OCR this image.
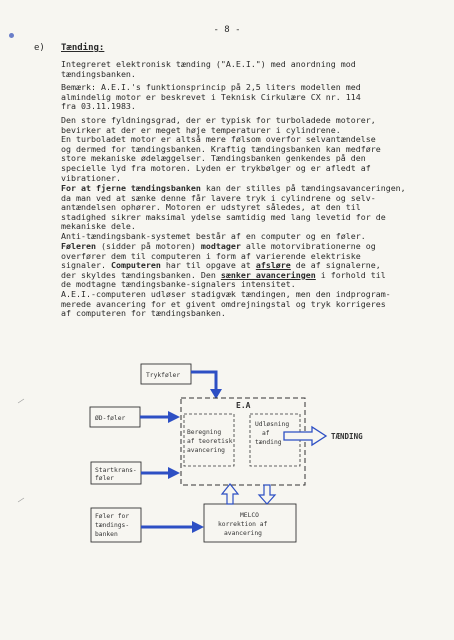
- 8 -
e) Tænding:
Integreret elektronisk tænding ("A.E.I.") med anordning mod
tændingsbanken.
Bemærk: A.E.I.'s funktionsprincip på 2,5 liters modellen med
almindelig motor er beskrevet i Teknisk Cirkulære CX nr. 114
fra 03.11.1983.
Den store fyldningsgrad, der er typisk for turboladede motorer,
bevirker at der er meget høje temperaturer i cylindrene.
En turboladet motor er altså mere følsom overfor selvantændelse
og dermed for tændingsbanken. Kraftig tændingsbanken kan medføre
store mekaniske ødelæggelser. Tændingsbanken genkendes på den
specielle lyd fra motoren. Lyden er trykbølger og er afledt af
vibrationer.
For at fjerne tændingsbanken kan der stilles på tændingsavanceringen,
da man ved at sænke denne får lavere tryk i cylindrene og selv-
antændelsen ophører. Motoren er udstyret således, at den til
stadighed sikrer maksimal ydelse samtidig med lang levetid for de
mekaniske dele.
Anti-tændingsbank-systemet består af en computer og en føler.
Føleren (sidder på motoren) modtager alle motorvibrationerne og
overfører dem til computeren i form af varierende elektriske
signaler. Computeren har til opgave at afsløre de af signalerne,
der skyldes tændingsbanken. Den sænker avanceringen i forhold til
de modtagne tændingsbanke-signalers intensitet.
A.E.I.-computeren udløser stadigvæk tændingen, men den indprogram-
merede avancering for et givent omdrejningstal og tryk korrigeres
af computeren for tændingsbanken.
Trykføler
ØD-føler
Startkrans-
føler
E.A
Beregning
af teoretisk
avancering
Udløsning
af
tænding
TÆNDING
Føler for
tændings-
banken
MELCO
korrektion af
avancering
